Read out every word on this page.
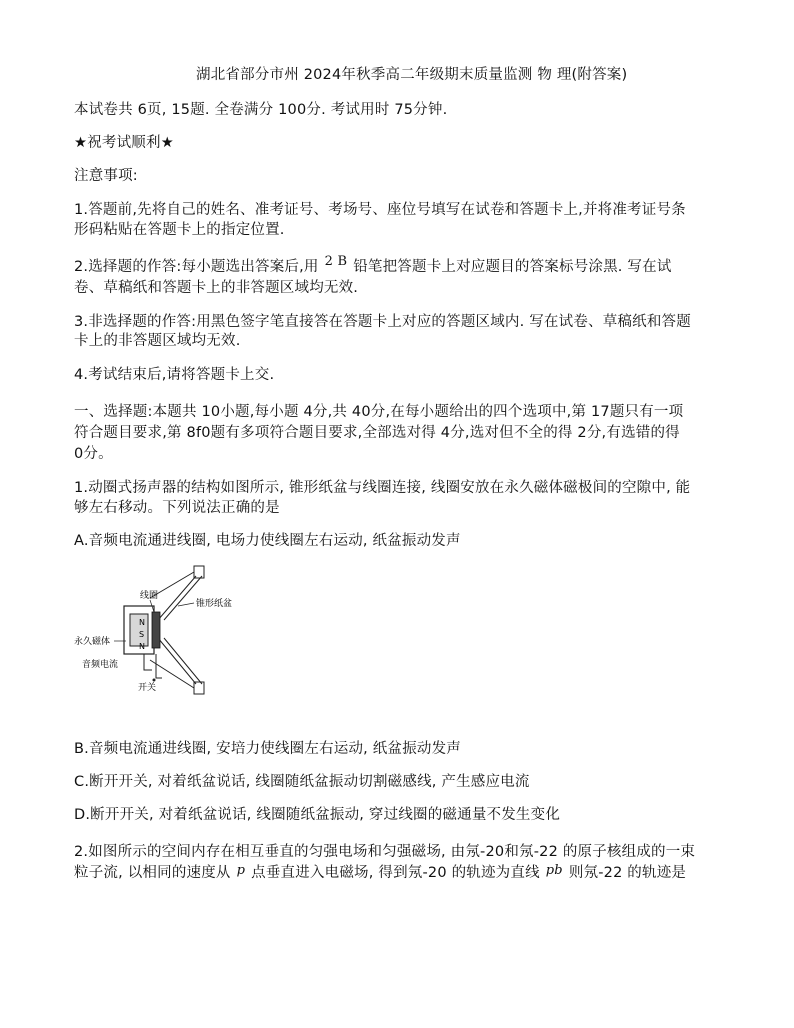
湖北省部分市州 2024年秋季高二年级期末质量监测 物 理(附答案)
本试卷共 6页, 15题. 全卷满分 100分. 考试用时 75分钟.
★祝考试顺利★
注意事项:
1.答题前,先将自己的姓名、准考证号、考场号、座位号填写在试卷和答题卡上,并将准考证号条
形码粘贴在答题卡上的指定位置.
2.选择题的作答:每小题选出答案后,用 2 B 铅笔把答题卡上对应题目的答案标号涂黑. 写在试
卷、草稿纸和答题卡上的非答题区域均无效.
3.非选择题的作答:用黑色签字笔直接答在答题卡上对应的答题区域内. 写在试卷、草稿纸和答题
卡上的非答题区域均无效.
4.考试结束后,请将答题卡上交.
一、选择题:本题共 10小题,每小题 4分,共 40分,在每小题给出的四个选项中,第 17题只有一项
符合题目要求,第 8f0题有多项符合题目要求,全部选对得 4分,选对但不全的得 2分,有选错的得
0分。
1.动圈式扬声器的结构如图所示, 锥形纸盆与线圈连接, 线圈安放在永久磁体磁极间的空隙中, 能
够左右移动。下列说法正确的是
A.音频电流通进线圈, 电场力使线圈左右运动, 纸盆振动发声
N
S
N
线圈
锥形纸盆
永久磁体
音频电流
开关
B.音频电流通进线圈, 安培力使线圈左右运动, 纸盆振动发声
C.断开开关, 对着纸盆说话, 线圈随纸盆振动切割磁感线, 产生感应电流
D.断开开关, 对着纸盆说话, 线圈随纸盆振动, 穿过线圈的磁通量不发生变化
2.如图所示的空间内存在相互垂直的匀强电场和匀强磁场, 由氖-20和氖-22 的原子核组成的一束
粒子流, 以相同的速度从 p 点垂直进入电磁场, 得到氖-20 的轨迹为直线 pb 则氖-22 的轨迹是
